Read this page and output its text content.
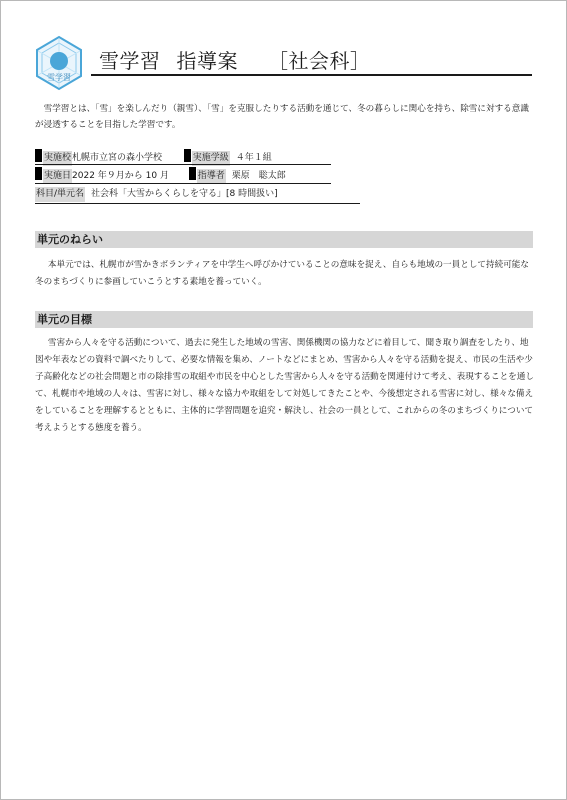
雪学習
雪学習 指導案 ［社会科］
雪学習とは、「雪」を楽しんだり（親雪）、「雪」を克服したりする活動を通じて、冬の暮らしに関心を持ち、除雪に対する意識が浸透することを目指した学習です。
実施校札幌市立宮の森小学校	実施学級 ４年１組
実施日2022 年９月から 10 月	指導者 栗原　聡太郎
科目/単元名 社会科「大雪からくらしを守る」[8 時間扱い]
単元のねらい
本単元では、札幌市が雪かきボランティアを中学生へ呼びかけていることの意味を捉え、自らも地域の一員として持続可能な冬のまちづくりに参画していこうとする素地を養っていく。
単元の目標
雪害から人々を守る活動について、過去に発生した地域の雪害、関係機関の協力などに着目して、聞き取り調査をしたり、地図や年表などの資料で調べたりして、必要な情報を集め、ノートなどにまとめ、雪害から人々を守る活動を捉え、市民の生活や少子高齢化などの社会問題と市の除排雪の取組や市民を中心とした雪害から人々を守る活動を関連付けて考え、表現することを通して、札幌市や地域の人々は、雪害に対し、様々な協力や取組をして対処してきたことや、今後想定される雪害に対し、様々な備えをしていることを理解するとともに、主体的に学習問題を追究・解決し、社会の一員として、これからの冬のまちづくりについて考えようとする態度を養う。
